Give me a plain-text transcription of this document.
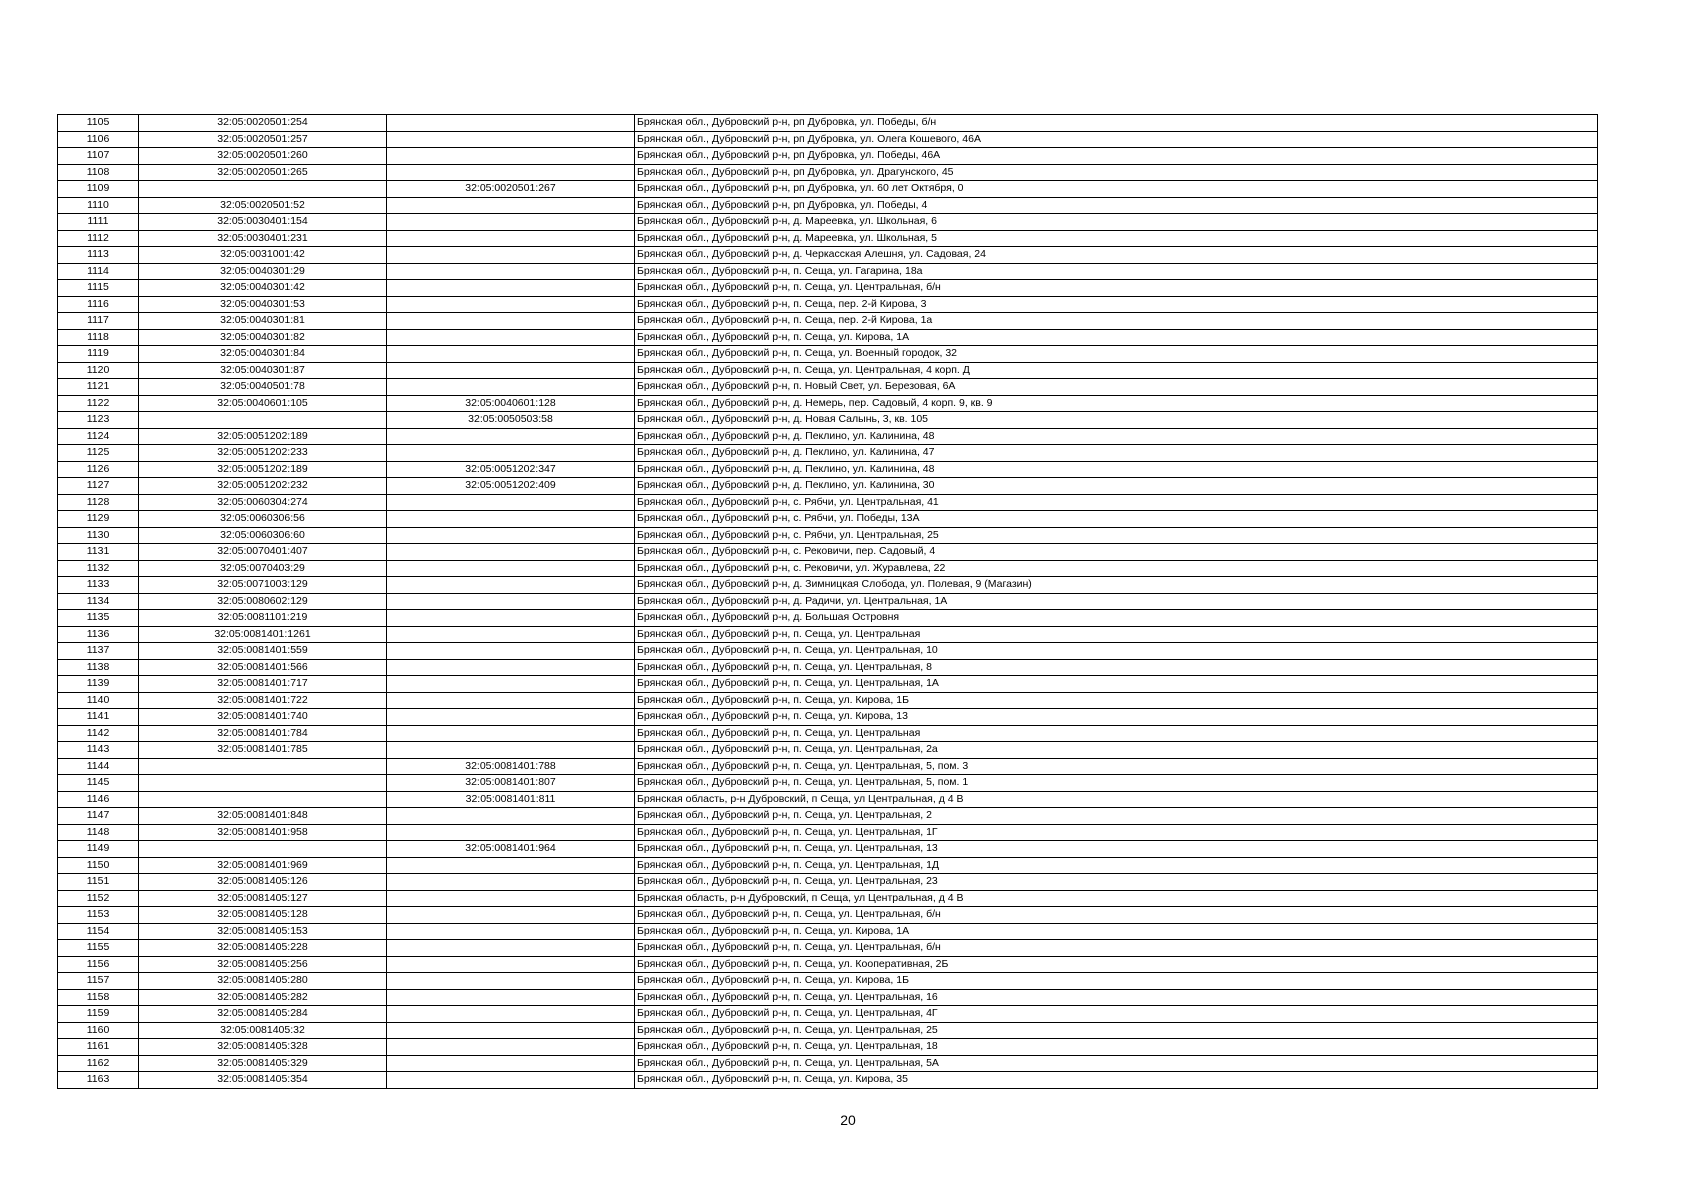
1105	32:05:0020501:254		Брянская обл., Дубровский р-н, рп Дубровка, ул. Победы, б/н
1106	32:05:0020501:257		Брянская обл., Дубровский р-н, рп Дубровка, ул. Олега Кошевого, 46А
1107	32:05:0020501:260		Брянская обл., Дубровский р-н, рп Дубровка, ул. Победы, 46А
1108	32:05:0020501:265		Брянская обл., Дубровский р-н, рп Дубровка, ул. Драгунского, 45
1109		32:05:0020501:267	Брянская обл., Дубровский р-н, рп Дубровка, ул. 60 лет Октября, 0
1110	32:05:0020501:52		Брянская обл., Дубровский р-н, рп Дубровка, ул. Победы, 4
1111	32:05:0030401:154		Брянская обл., Дубровский р-н, д. Мареевка, ул. Школьная, 6
1112	32:05:0030401:231		Брянская обл., Дубровский р-н, д. Мареевка, ул. Школьная, 5
1113	32:05:0031001:42		Брянская обл., Дубровский р-н, д. Черкасская Алешня, ул. Садовая, 24
1114	32:05:0040301:29		Брянская обл., Дубровский р-н, п. Сеща, ул. Гагарина, 18а
1115	32:05:0040301:42		Брянская обл., Дубровский р-н, п. Сеща, ул. Центральная, б/н
1116	32:05:0040301:53		Брянская обл., Дубровский р-н, п. Сеща, пер. 2-й Кирова, 3
1117	32:05:0040301:81		Брянская обл., Дубровский р-н, п. Сеща, пер. 2-й Кирова, 1а
1118	32:05:0040301:82		Брянская обл., Дубровский р-н, п. Сеща, ул. Кирова, 1А
1119	32:05:0040301:84		Брянская обл., Дубровский р-н, п. Сеща, ул. Военный городок, 32
1120	32:05:0040301:87		Брянская обл., Дубровский р-н, п. Сеща, ул. Центральная, 4 корп. Д
1121	32:05:0040501:78		Брянская обл., Дубровский р-н, п. Новый Свет, ул. Березовая, 6А
1122	32:05:0040601:105	32:05:0040601:128	Брянская обл., Дубровский р-н, д. Немерь, пер. Садовый, 4 корп. 9, кв. 9
1123		32:05:0050503:58	Брянская обл., Дубровский р-н, д. Новая Салынь, 3, кв. 105
1124	32:05:0051202:189		Брянская обл., Дубровский р-н, д. Пеклино, ул. Калинина, 48
1125	32:05:0051202:233		Брянская обл., Дубровский р-н, д. Пеклино, ул. Калинина, 47
1126	32:05:0051202:189	32:05:0051202:347	Брянская обл., Дубровский р-н, д. Пеклино, ул. Калинина, 48
1127	32:05:0051202:232	32:05:0051202:409	Брянская обл., Дубровский р-н, д. Пеклино, ул. Калинина, 30
1128	32:05:0060304:274		Брянская обл., Дубровский р-н, с. Рябчи, ул. Центральная, 41
1129	32:05:0060306:56		Брянская обл., Дубровский р-н, с. Рябчи, ул. Победы, 13А
1130	32:05:0060306:60		Брянская обл., Дубровский р-н, с. Рябчи, ул. Центральная, 25
1131	32:05:0070401:407		Брянская обл., Дубровский р-н, с. Рековичи, пер. Садовый, 4
1132	32:05:0070403:29		Брянская обл., Дубровский р-н, с. Рековичи, ул. Журавлева, 22
1133	32:05:0071003:129		Брянская обл., Дубровский р-н, д. Зимницкая Слобода, ул. Полевая, 9 (Магазин)
1134	32:05:0080602:129		Брянская обл., Дубровский р-н, д. Радичи, ул. Центральная, 1А
1135	32:05:0081101:219		Брянская обл., Дубровский р-н, д. Большая Островня
1136	32:05:0081401:1261		Брянская обл., Дубровский р-н, п. Сеща, ул. Центральная
1137	32:05:0081401:559		Брянская обл., Дубровский р-н, п. Сеща, ул. Центральная, 10
1138	32:05:0081401:566		Брянская обл., Дубровский р-н, п. Сеща, ул. Центральная, 8
1139	32:05:0081401:717		Брянская обл., Дубровский р-н, п. Сеща, ул. Центральная, 1А
1140	32:05:0081401:722		Брянская обл., Дубровский р-н, п. Сеща, ул. Кирова, 1Б
1141	32:05:0081401:740		Брянская обл., Дубровский р-н, п. Сеща, ул. Кирова, 13
1142	32:05:0081401:784		Брянская обл., Дубровский р-н, п. Сеща, ул. Центральная
1143	32:05:0081401:785		Брянская обл., Дубровский р-н, п. Сеща, ул. Центральная, 2а
1144		32:05:0081401:788	Брянская обл., Дубровский р-н, п. Сеща, ул. Центральная, 5, пом. 3
1145		32:05:0081401:807	Брянская обл., Дубровский р-н, п. Сеща, ул. Центральная, 5, пом. 1
1146		32:05:0081401:811	Брянская область, р-н Дубровский, п Сеща, ул Центральная, д 4 В
1147	32:05:0081401:848		Брянская обл., Дубровский р-н, п. Сеща, ул. Центральная, 2
1148	32:05:0081401:958		Брянская обл., Дубровский р-н, п. Сеща, ул. Центральная, 1Г
1149		32:05:0081401:964	Брянская обл., Дубровский р-н, п. Сеща, ул. Центральная, 13
1150	32:05:0081401:969		Брянская обл., Дубровский р-н, п. Сеща, ул. Центральная, 1Д
1151	32:05:0081405:126		Брянская обл., Дубровский р-н, п. Сеща, ул. Центральная, 23
1152	32:05:0081405:127		Брянская область, р-н Дубровский, п Сеща, ул Центральная, д 4 В
1153	32:05:0081405:128		Брянская обл., Дубровский р-н, п. Сеща, ул. Центральная, б/н
1154	32:05:0081405:153		Брянская обл., Дубровский р-н, п. Сеща, ул. Кирова, 1А
1155	32:05:0081405:228		Брянская обл., Дубровский р-н, п. Сеща, ул. Центральная, б/н
1156	32:05:0081405:256		Брянская обл., Дубровский р-н, п. Сеща, ул. Кооперативная, 2Б
1157	32:05:0081405:280		Брянская обл., Дубровский р-н, п. Сеща, ул. Кирова, 1Б
1158	32:05:0081405:282		Брянская обл., Дубровский р-н, п. Сеща, ул. Центральная, 16
1159	32:05:0081405:284		Брянская обл., Дубровский р-н, п. Сеща, ул. Центральная, 4Г
1160	32:05:0081405:32		Брянская обл., Дубровский р-н, п. Сеща, ул. Центральная, 25
1161	32:05:0081405:328		Брянская обл., Дубровский р-н, п. Сеща, ул. Центральная, 18
1162	32:05:0081405:329		Брянская обл., Дубровский р-н, п. Сеща, ул. Центральная, 5А
1163	32:05:0081405:354		Брянская обл., Дубровский р-н, п. Сеща, ул. Кирова, 35
20
